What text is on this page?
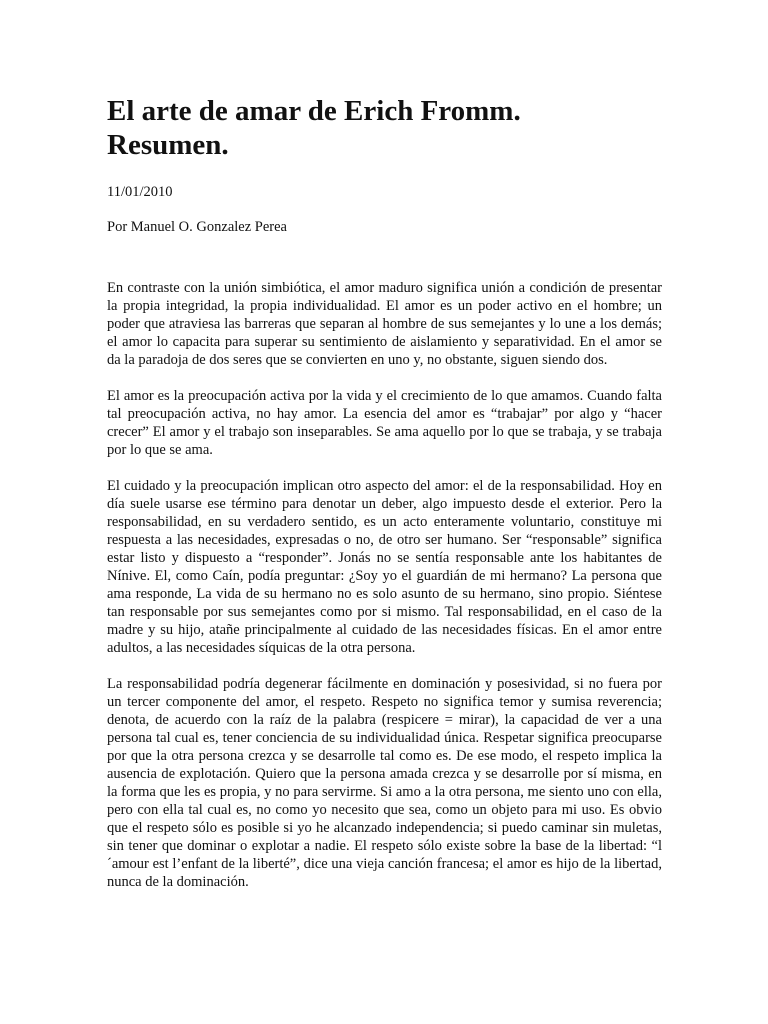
El arte de amar de Erich Fromm.
Resumen.

11/01/2010

Por Manuel O. Gonzalez Perea

En contraste con la unión simbiótica, el amor maduro significa unión a condición de presentar la propia integridad, la propia individualidad. El amor es un poder activo en el hombre; un poder que atraviesa las barreras que separan al hombre de sus semejantes y lo une a los demás; el amor lo capacita para superar su sentimiento de aislamiento y separatividad. En el amor se da la paradoja de dos seres que se convierten en uno y, no obstante, siguen siendo dos.

El amor es la preocupación activa por la vida y el crecimiento de lo que amamos. Cuando falta tal preocupación activa, no hay amor. La esencia del amor es “trabajar” por algo y “hacer crecer” El amor y el trabajo son inseparables. Se ama aquello por lo que se trabaja, y se trabaja por lo que se ama.

El cuidado y la preocupación implican otro aspecto del amor: el de la responsabilidad. Hoy en día suele usarse ese término para denotar un deber, algo impuesto desde el exterior. Pero la responsabilidad, en su verdadero sentido, es un acto enteramente voluntario, constituye mi respuesta a las necesidades, expresadas o no, de otro ser humano. Ser “responsable” significa estar listo y dispuesto a “responder”. Jonás no se sentía responsable ante los habitantes de Nínive. El, como Caín, podía preguntar: ¿Soy yo el guardián de mi hermano? La persona que ama responde, La vida de su hermano no es solo asunto de su hermano, sino propio. Siéntese tan responsable por sus semejantes como por si mismo. Tal responsabilidad, en el caso de la madre y su hijo, atañe principalmente al cuidado de las necesidades físicas. En el amor entre adultos, a las necesidades síquicas de la otra persona.

La responsabilidad podría degenerar fácilmente en dominación y posesividad, si no fuera por un tercer componente del amor, el respeto. Respeto no significa temor y sumisa reverencia; denota, de acuerdo con la raíz de la palabra (respicere = mirar), la capacidad de ver a una persona tal cual es, tener conciencia de su individualidad única. Respetar significa preocuparse por que la otra persona crezca y se desarrolle tal como es. De ese modo, el respeto implica la ausencia de explotación. Quiero que la persona amada crezca y se desarrolle por sí misma, en la forma que les es propia, y no para servirme. Si amo a la otra persona, me siento uno con ella, pero con ella tal cual es, no como yo necesito que sea, como un objeto para mi uso. Es obvio que el respeto sólo es posible si yo he alcanzado independencia; si puedo caminar sin muletas, sin tener que dominar o explotar a nadie. El respeto sólo existe sobre la base de la libertad: “l´amour est l’enfant de la liberté”, dice una vieja canción francesa; el amor es hijo de la libertad, nunca de la dominación.
